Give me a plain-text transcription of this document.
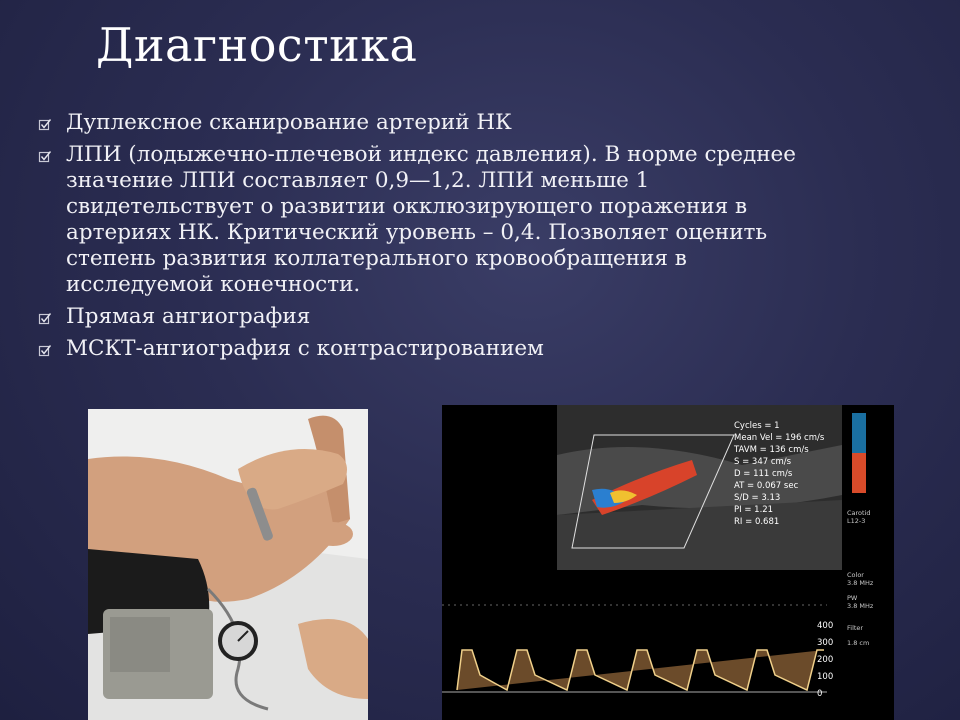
Диагностика
Дуплексное сканирование артерий НК
ЛПИ (лодыжечно-плечевой индекс давления). В норме среднее значение ЛПИ составляет 0,9—1,2. ЛПИ меньше 1 свидетельствует о развитии окклюзирующего поражения в артериях НК. Критический уровень – 0,4. Позволяет оценить степень развития коллатерального кровообращения в исследуемой конечности.
Прямая ангиография
МСКТ-ангиография с контрастированием
Cycles = 1
Mean Vel = 196 cm/s
TAVM = 136 cm/s
S = 347 cm/s
D = 111 cm/s
AT = 0.067 sec
S/D = 3.13
PI = 1.21
RI = 0.681
Carotid
L12-3
Color
3.8 MHz
PW
3.8 MHz
Filter
1.8 cm
400
300
200
100
0
